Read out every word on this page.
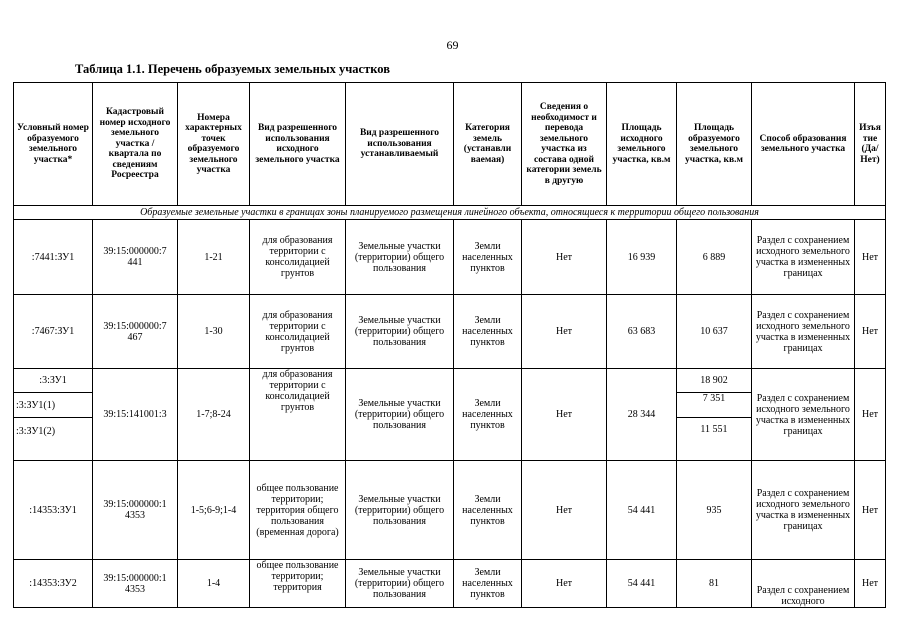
69
Таблица 1.1. Перечень образуемых земельных участков
Условный номер образуемого земельного участка*	Кадастровый номер исходного земельного участка / квартала по сведениям Росреестра	Номера характерных точек образуемого земельного участка	Вид разрешенного использования исходного земельного участка	Вид разрешенного использования устанавливаемый	Категория земель (устанавли ваемая)	Сведения о необходимост и перевода земельного участка из состава одной категории земель в другую	Площадь исходного земельного участка, кв.м	Площадь образуемого земельного участка, кв.м	Способ образования земельного участка	Изъя тие (Да/ Нет)
Образуемые земельные участки в границах зоны планируемого размещения линейного объекта, относящиеся к территории общего пользования										
:7441:ЗУ1	39:15:000000:7 441	1-21	для образования территории с консолидацией грунтов	Земельные участки (территории) общего пользования	Земли населенных пунктов	Нет	16 939	6 889	Раздел с сохранением исходного земельного участка в измененных границах	Нет
:7467:ЗУ1	39:15:000000:7 467	1-30	для образования территории с консолидацией грунтов	Земельные участки (территории) общего пользования	Земли населенных пунктов	Нет	63 683	10 637	Раздел с сохранением исходного земельного участка в измененных границах	Нет
:3:ЗУ1	39:15:141001:3	1-7;8-24	для образования территории с консолидацией грунтов	Земельные участки (территории) общего пользования	Земли населенных пунктов	Нет	28 344	18 902	Раздел с сохранением исходного земельного участка в измененных границах	Нет
:3:ЗУ1(1)								7 351		
:3:ЗУ1(2)								11 551		
:14353:ЗУ1	39:15:000000:1 4353	1-5;6-9;1-4	общее пользование территории; территория общего пользования (временная дорога)	Земельные участки (территории) общего пользования	Земли населенных пунктов	Нет	54 441	935	Раздел с сохранением исходного земельного участка в измененных границах	Нет
:14353:ЗУ2	39:15:000000:1 4353	1-4	общее пользование территории; территория	Земельные участки (территории) общего пользования	Земли населенных пунктов	Нет	54 441	81	Раздел с сохранением исходного	Нет
